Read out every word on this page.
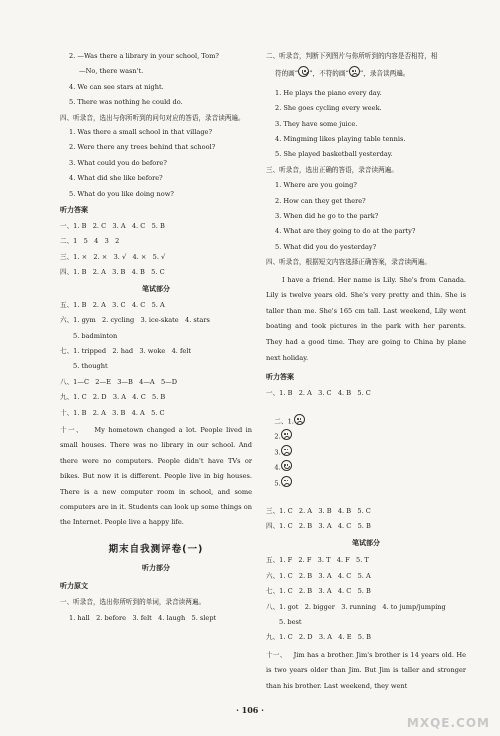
2. —Was there a library in your school, Tom?

—No, there wasn't.

4. We can see stars at night.

5. There was nothing he could do.

四、听录音，选出与你所听到的问句对应的答语，录音读两遍。

1. Was there a small school in that village?

2. Were there any trees behind that school?

3. What could you do before?

4. What did she like before?

5. What do you like doing now?

听力答案

一、1. B   2. C   3. A   4. C   5. B

二、1   5   4   3   2

三、1. ×   2. ×   3. √   4. ×   5. √

四、1. B   2. A   3. B   4. B   5. C

笔试部分

五、1. B   2. A   3. C   4. C   5. A

六、1. gym   2. cycling   3. ice-skate   4. stars

5. badminton

七、1. tripped   2. had   3. woke   4. felt

5. thought

八、1—C   2—E   3—B   4—A   5—D

九、1. C   2. D   3. A   4. C   5. B

十、1. B   2. A   3. B   4. A   5. C

十一、   My hometown changed a lot. People lived in small houses. There was no library in our school. And there were no computers. People didn't have TVs or bikes. But now it is different. People live in big houses. There is a new computer room in school, and some computers are in it. Students can look up some things on the Internet. People live a happy life.

期末自我测评卷(一)
听力部分
听力原文

一、听录音，选出你所听到的单词，录音读两遍。

1. hall   2. before   3. felt   4. laugh   5. slept

二、听录音，判断下列图片与你所听到的内容是否相符，相

符的画“ ”，不符的画“ ”，录音读两遍。

1. He plays the piano every day.

2. She goes cycling every week.

3. They have some juice.

4. Mingming likes playing table tennis.

5. She played basketball yesterday.

三、听录音，选出正确的答语，录音读两遍。

1. Where are you going?

2. How can they get there?

3. When did he go to the park?

4. What are they going to do at the party?

5. What did you do yesterday?

四、听录音，根据短文内容选择正确答案，录音读两遍。

I have a friend. Her name is Lily. She's from Canada. Lily is twelve years old. She's very pretty and thin. She is taller than me. She's 165 cm tall. Last weekend, Lily went boating and took pictures in the park with her parents. They had a good time. They are going to China by plane next holiday.

听力答案

一、1. B   2. A   3. C   4. B   5. C

二、1.

2.

3.

4.

5.

三、1. C   2. A   3. B   4. B   5. C

四、1. C   2. B   3. A   4. C   5. B

笔试部分

五、1. F   2. F   3. T   4. F   5. T

六、1. C   2. B   3. A   4. C   5. A

七、1. C   2. B   3. A   4. C   5. B

八、1. got   2. bigger   3. running   4. to jump/jumping

5. best

九、1. C   2. D   3. A   4. E   5. B

十一、   Jim has a brother. Jim's brother is 14 years old. He is two years older than Jim. But Jim is taller and stronger than his brother. Last weekend, they went

· 106 ·
MXQE.COM
